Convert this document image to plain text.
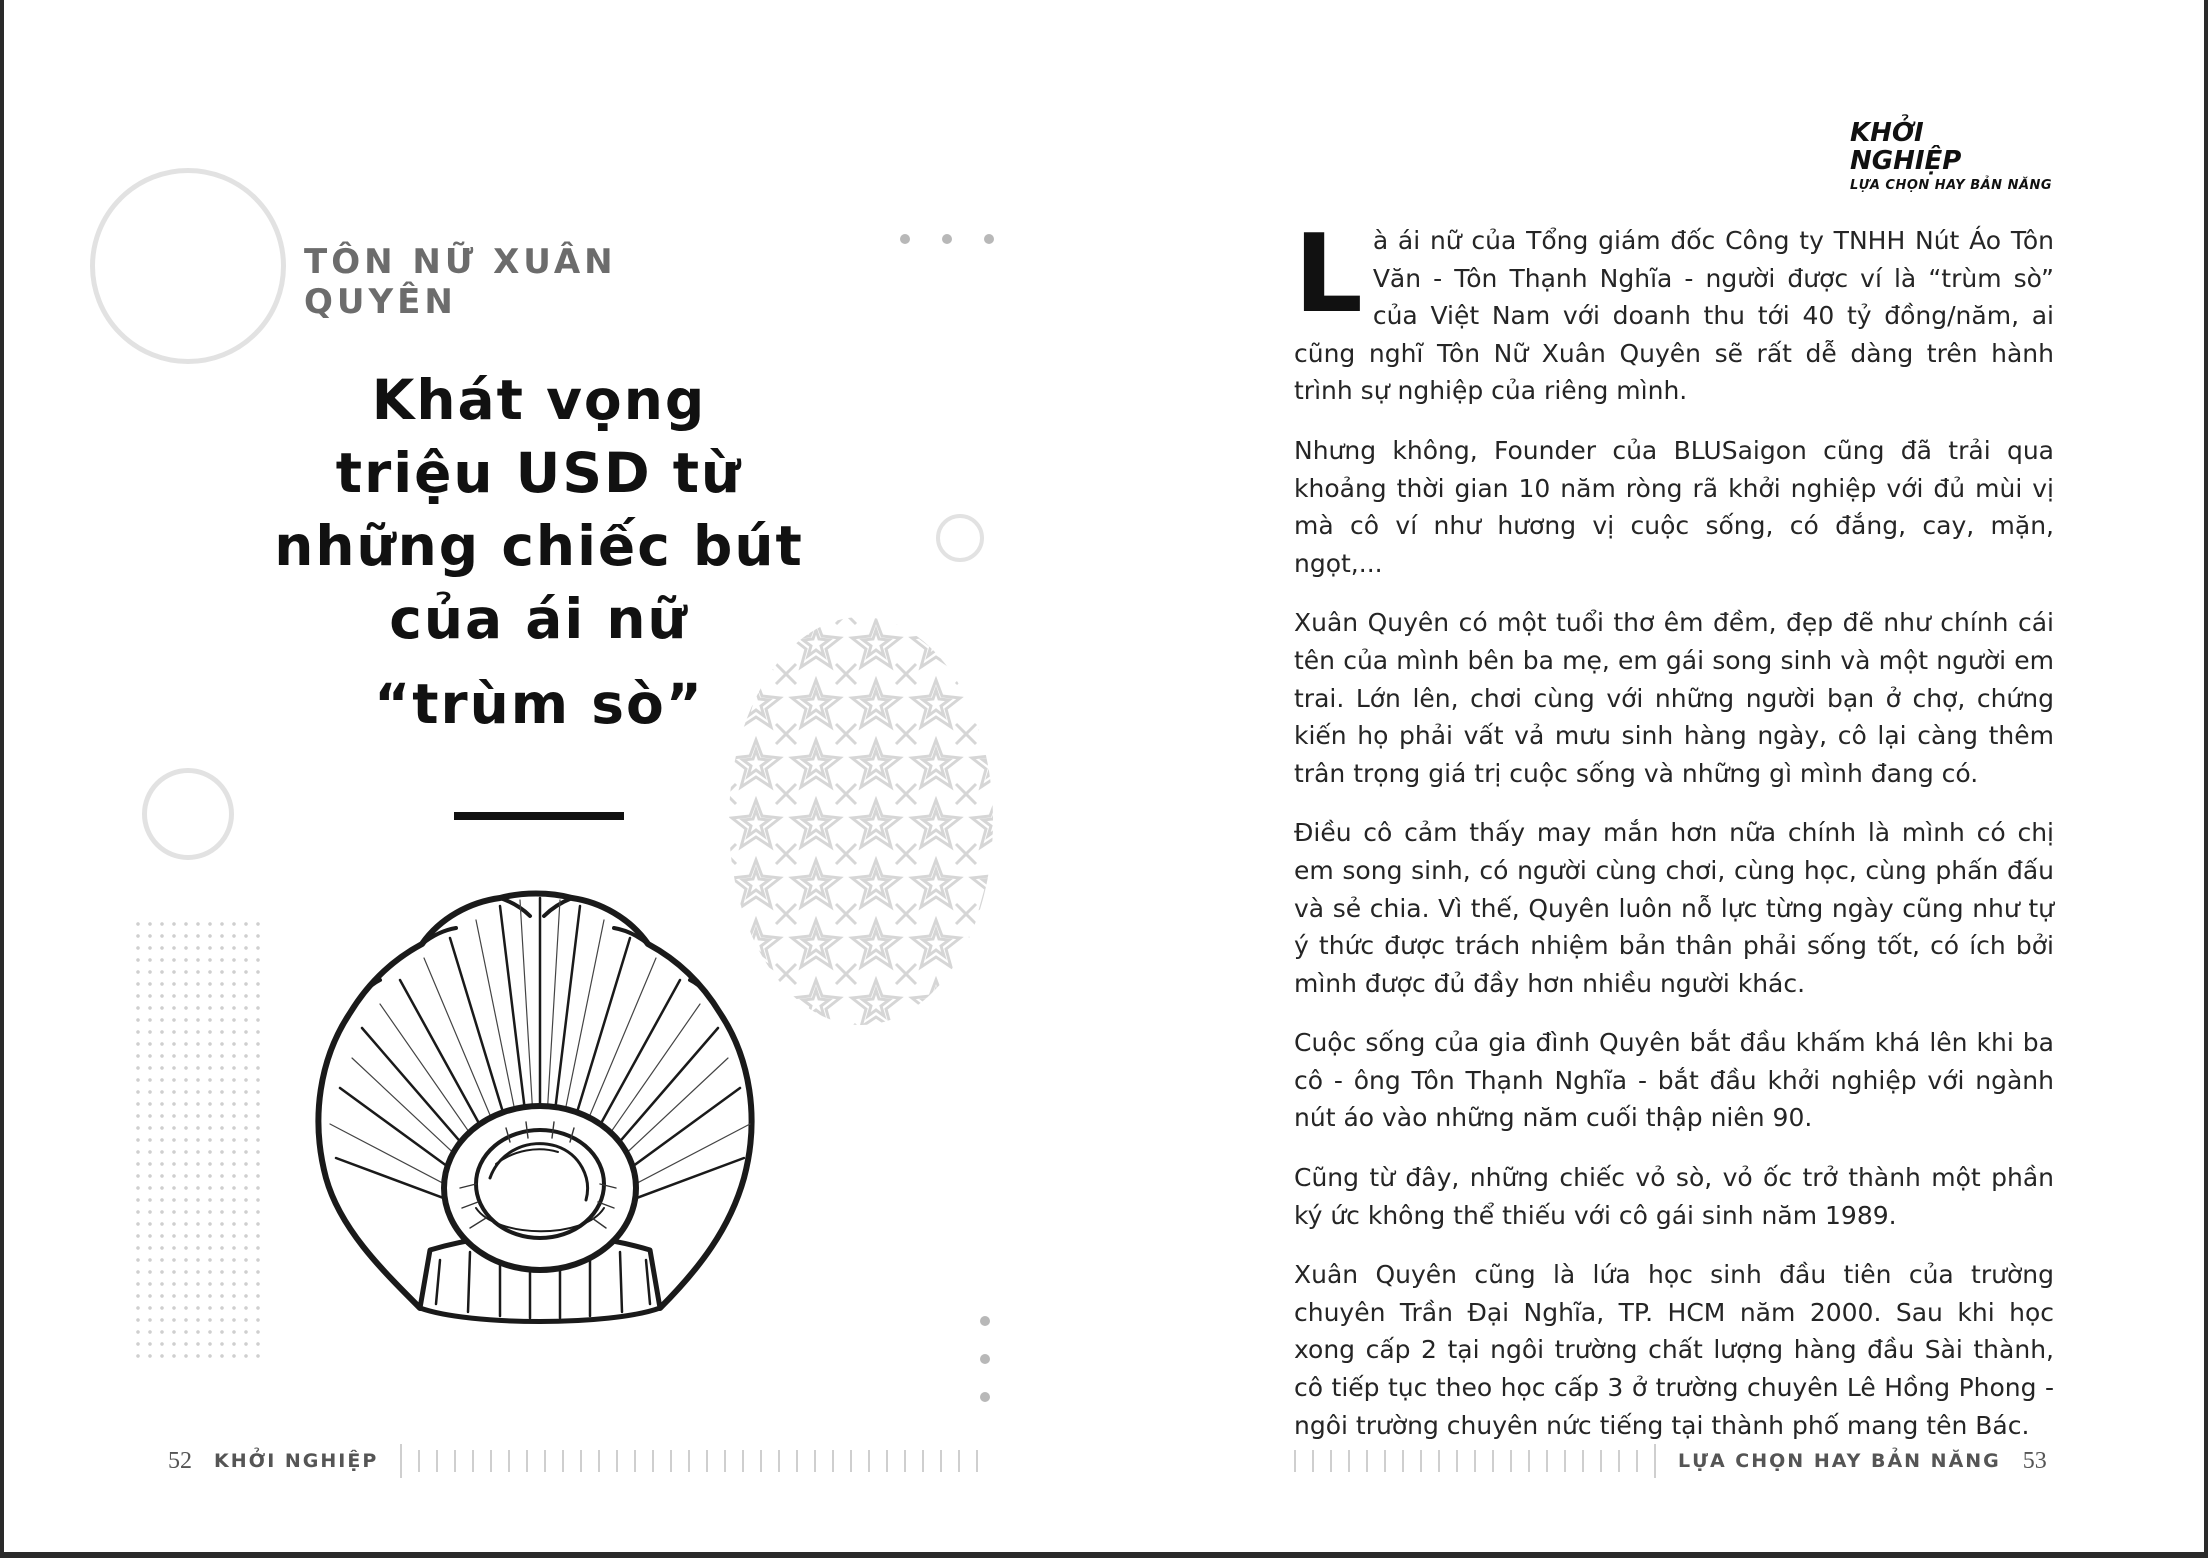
TÔN NỮ XUÂN QUYÊN
Khát vọng
triệu USD từ
những chiếc bút
của ái nữ
“trùm sò”
52 KHỞI NGHIỆP
KHỞI
NGHIỆP
LỰA CHỌN HAY BẢN NĂNG

L à ái nữ của Tổng giám đốc Công ty TNHH Nút Áo Tôn Văn - Tôn Thạnh Nghĩa - người được ví là “trùm sò” của Việt Nam với doanh thu tới 40 tỷ đồng/năm, ai cũng nghĩ Tôn Nữ Xuân Quyên sẽ rất dễ dàng trên hành trình sự nghiệp của riêng mình.

Nhưng không, Founder của BLUSaigon cũng đã trải qua khoảng thời gian 10 năm ròng rã khởi nghiệp với đủ mùi vị mà cô ví như hương vị cuộc sống, có đắng, cay, mặn, ngọt,...

Xuân Quyên có một tuổi thơ êm đềm, đẹp đẽ như chính cái tên của mình bên ba mẹ, em gái song sinh và một người em trai. Lớn lên, chơi cùng với những người bạn ở chợ, chứng kiến họ phải vất vả mưu sinh hàng ngày, cô lại càng thêm trân trọng giá trị cuộc sống và những gì mình đang có.

Điều cô cảm thấy may mắn hơn nữa chính là mình có chị em song sinh, có người cùng chơi, cùng học, cùng phấn đấu và sẻ chia. Vì thế, Quyên luôn nỗ lực từng ngày cũng như tự ý thức được trách nhiệm bản thân phải sống tốt, có ích bởi mình được đủ đầy hơn nhiều người khác.

Cuộc sống của gia đình Quyên bắt đầu khấm khá lên khi ba cô - ông Tôn Thạnh Nghĩa - bắt đầu khởi nghiệp với ngành nút áo vào những năm cuối thập niên 90.

Cũng từ đây, những chiếc vỏ sò, vỏ ốc trở thành một phần ký ức không thể thiếu với cô gái sinh năm 1989.

Xuân Quyên cũng là lứa học sinh đầu tiên của trường chuyên Trần Đại Nghĩa, TP. HCM năm 2000. Sau khi học xong cấp 2 tại ngôi trường chất lượng hàng đầu Sài thành, cô tiếp tục theo học cấp 3 ở trường chuyên Lê Hồng Phong - ngôi trường chuyên nức tiếng tại thành phố mang tên Bác.

LỰA CHỌN HAY BẢN NĂNG 53
